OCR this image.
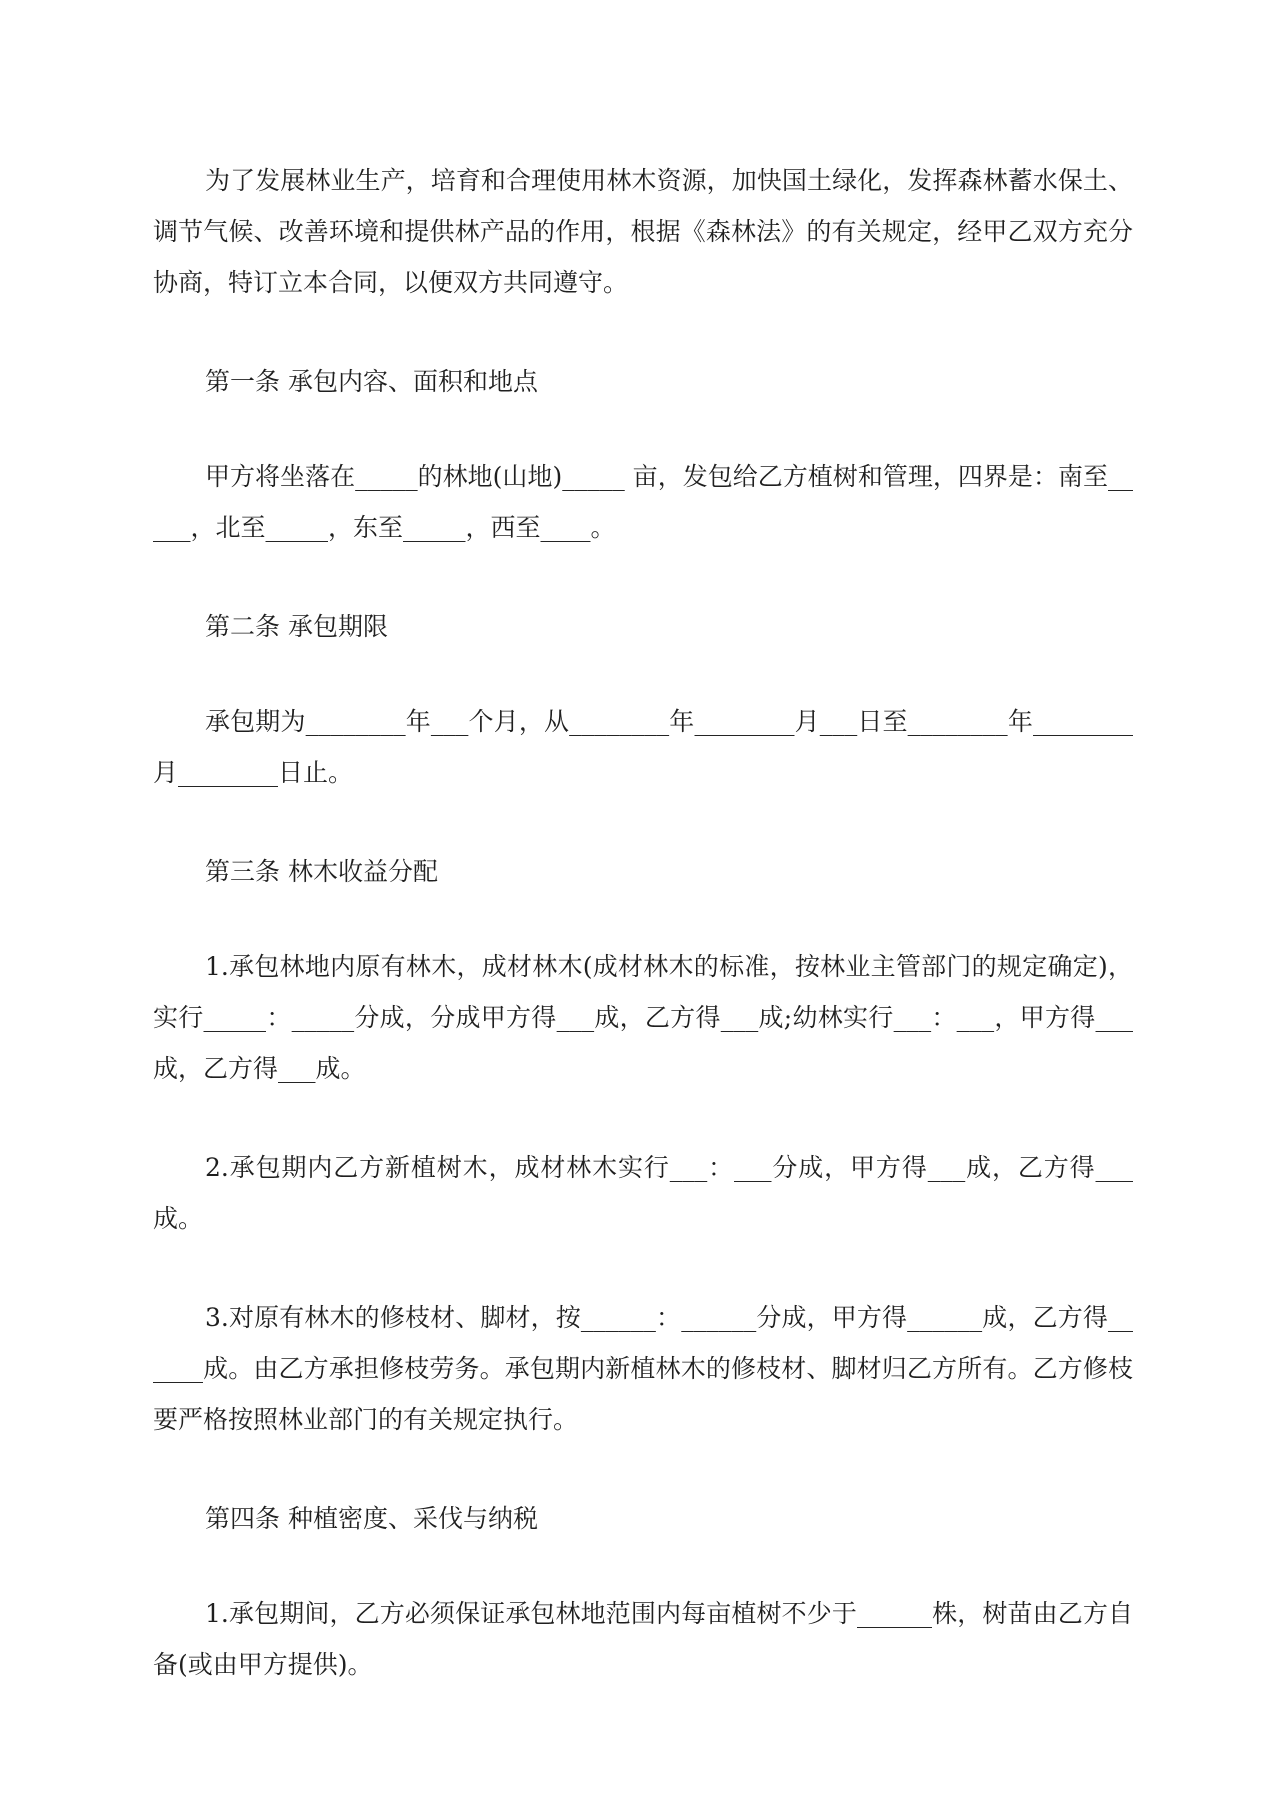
为了发展林业生产，培育和合理使用林木资源，加快国土绿化，发挥森林蓄水保土、调节气候、改善环境和提供林产品的作用，根据《森林法》的有关规定，经甲乙双方充分协商，特订立本合同，以便双方共同遵守。

第一条 承包内容、面积和地点

甲方将坐落在_____的林地(山地)_____ 亩，发包给乙方植树和管理，四界是：南至_____，北至_____，东至_____，西至____。

第二条 承包期限

承包期为________年___个月，从________年________月___日至________年________月________日止。

第三条 林木收益分配

1.承包林地内原有林木，成材林木(成材林木的标准，按林业主管部门的规定确定)，实行_____：_____分成，分成甲方得___成，乙方得___成;幼林实行___：___，甲方得___成，乙方得___成。

2.承包期内乙方新植树木，成材林木实行___：___分成，甲方得___成，乙方得___成。

3.对原有林木的修枝材、脚材，按______：______分成，甲方得______成，乙方得______成。由乙方承担修枝劳务。承包期内新植林木的修枝材、脚材归乙方所有。乙方修枝要严格按照林业部门的有关规定执行。

第四条 种植密度、采伐与纳税

1.承包期间，乙方必须保证承包林地范围内每亩植树不少于______株，树苗由乙方自备(或由甲方提供)。
